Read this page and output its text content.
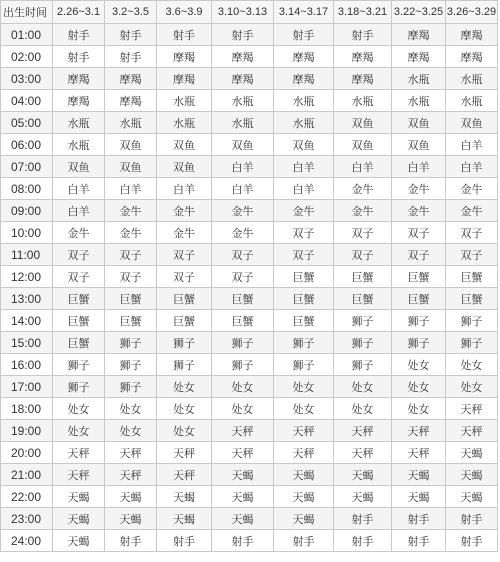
出生时间	2.26~3.1	3.2~3.5	3.6~3.9	3.10~3.13	3.14~3.17	3.18~3.21	3.22~3.25	3.26~3.29
01:00	射手	射手	射手	射手	射手	射手	摩羯	摩羯
02:00	射手	射手	摩羯	摩羯	摩羯	摩羯	摩羯	摩羯
03:00	摩羯	摩羯	摩羯	摩羯	摩羯	摩羯	水瓶	水瓶
04:00	摩羯	摩羯	水瓶	水瓶	水瓶	水瓶	水瓶	水瓶
05:00	水瓶	水瓶	水瓶	水瓶	水瓶	双鱼	双鱼	双鱼
06:00	水瓶	双鱼	双鱼	双鱼	双鱼	双鱼	双鱼	白羊
07:00	双鱼	双鱼	双鱼	白羊	白羊	白羊	白羊	白羊
08:00	白羊	白羊	白羊	白羊	白羊	金牛	金牛	金牛
09:00	白羊	金牛	金牛	金牛	金牛	金牛	金牛	金牛
10:00	金牛	金牛	金牛	金牛	双子	双子	双子	双子
11:00	双子	双子	双子	双子	双子	双子	双子	双子
12:00	双子	双子	双子	双子	巨蟹	巨蟹	巨蟹	巨蟹
13:00	巨蟹	巨蟹	巨蟹	巨蟹	巨蟹	巨蟹	巨蟹	巨蟹
14:00	巨蟹	巨蟹	巨蟹	巨蟹	巨蟹	狮子	狮子	狮子
15:00	巨蟹	狮子	狮子	狮子	狮子	狮子	狮子	狮子
16:00	狮子	狮子	狮子	狮子	狮子	狮子	处女	处女
17:00	狮子	狮子	处女	处女	处女	处女	处女	处女
18:00	处女	处女	处女	处女	处女	处女	处女	天秤
19:00	处女	处女	处女	天秤	天秤	天秤	天秤	天秤
20:00	天秤	天秤	天秤	天秤	天秤	天秤	天秤	天蝎
21:00	天秤	天秤	天秤	天蝎	天蝎	天蝎	天蝎	天蝎
22:00	天蝎	天蝎	天蝎	天蝎	天蝎	天蝎	天蝎	天蝎
23:00	天蝎	天蝎	天蝎	天蝎	天蝎	射手	射手	射手
24:00	天蝎	射手	射手	射手	射手	射手	射手	射手
